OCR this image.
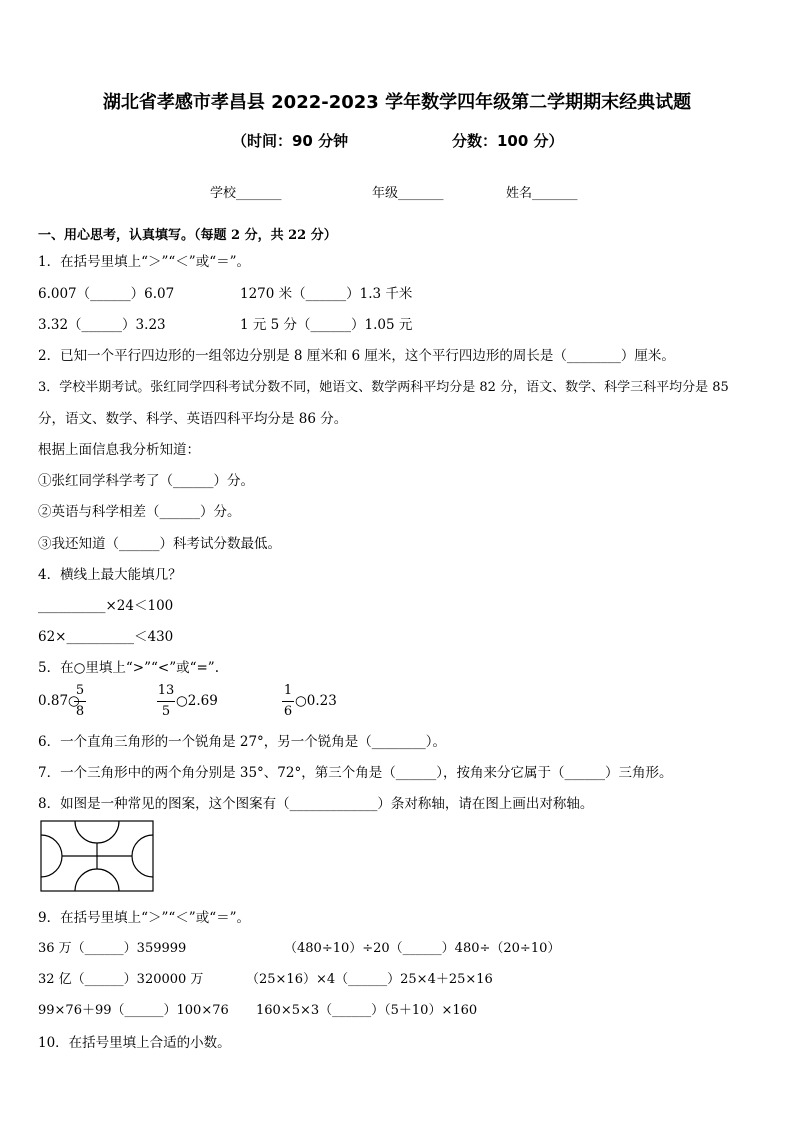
湖北省孝感市孝昌县 2022-2023 学年数学四年级第二学期期末经典试题
（时间：90 分钟	分数：100 分）
学校_______	年级_______	姓名_______
一、用心思考，认真填写。（每题 2 分，共 22 分）
1．在括号里填上“＞”“＜”或“＝”。
6.007（______）6.07	1270 米（______）1.3 千米
3.32（______）3.23	1 元 5 分（______）1.05 元
2．已知一个平行四边形的一组邻边分别是 8 厘米和 6 厘米，这个平行四边形的周长是（________）厘米。
3．学校半期考试。张红同学四科考试分数不同，她语文、数学两科平均分是 82 分，语文、数学、科学三科平均分是 85
分，语文、数学、科学、英语四科平均分是 86 分。
根据上面信息我分析知道：
①张红同学科学考了（______）分。
②英语与科学相差（______）分。
③我还知道（______）科考试分数最低。
4．横线上最大能填几？
__________×24＜100
62×__________＜430
5．在○里填上“>”“<”或“=”.
0.87○
5
8
13
5
○2.69
1
6
○0.23
6．一个直角三角形的一个锐角是 27°，另一个锐角是（________）。
7．一个三角形中的两个角分别是 35°、72°，第三个角是（______），按角来分它属于（______）三角形。
8．如图是一种常见的图案，这个图案有（_____________）条对称轴，请在图上画出对称轴。
9．在括号里填上“＞”“＜”或“＝”。
36 万（______）359999	（480÷10）÷20（______）480÷（20÷10）
32 亿（______）320000 万	（25×16）×4（______）25×4＋25×16
99×76＋99（______）100×76 160×5×3（______）（5＋10）×160
10．在括号里填上合适的小数。
